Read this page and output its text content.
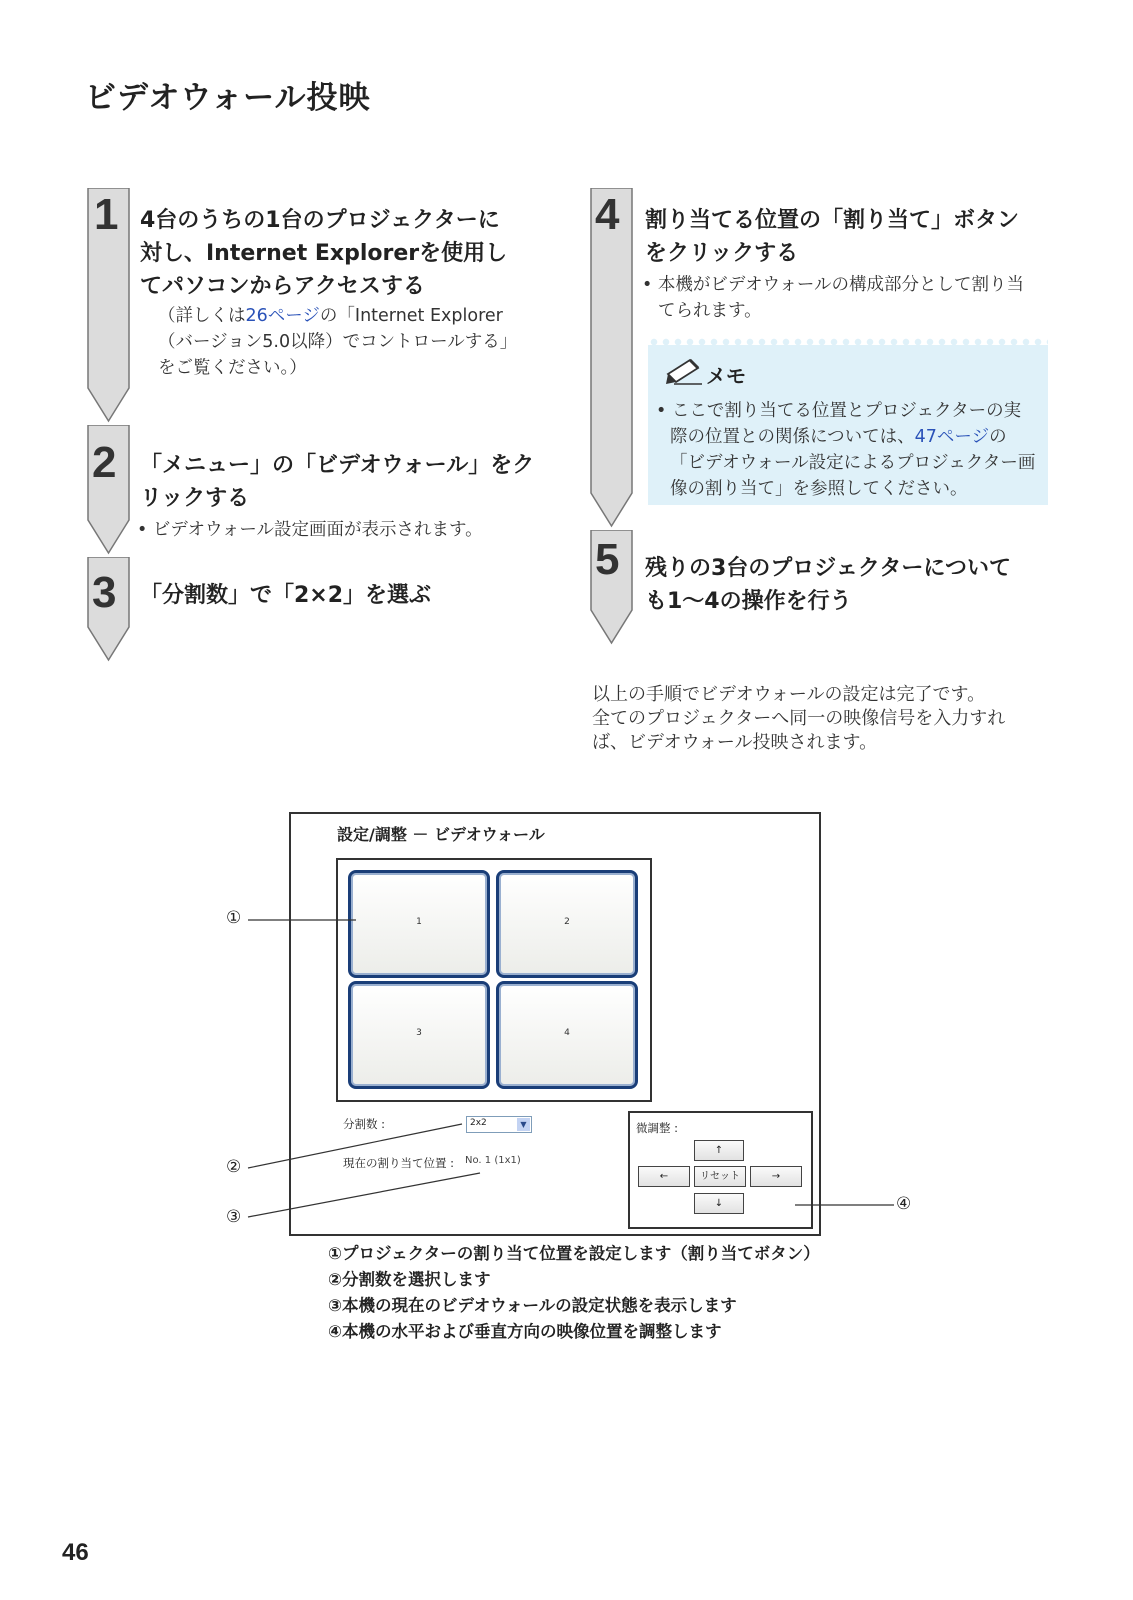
ビデオウォール投映
1
2
3
4
5
4台のうちの1台のプロジェクターに
対し、Internet Explorerを使用し
てパソコンからアクセスする
（詳しくは26ページの「Internet Explorer
（バージョン5.0以降）でコントロールする」
をご覧ください。）
「メニュー」の「ビデオウォール」をク
リックする
• ビデオウォール設定画面が表示されます。
「分割数」で「2×2」を選ぶ
割り当てる位置の「割り当て」ボタン
をクリックする
• 本機がビデオウォールの構成部分として割り当
てられます。
メモ
• ここで割り当てる位置とプロジェクターの実
際の位置との関係については、47ページの
「ビデオウォール設定によるプロジェクター画
像の割り当て」を参照してください。
残りの3台のプロジェクターについて
も1〜4の操作を行う
以上の手順でビデオウォールの設定は完了です。
全てのプロジェクターへ同一の映像信号を入力すれ
ば、ビデオウォール投映されます。
設定/調整 － ビデオウォール
1	2
3	4
分割数 :	2x2	▼
現在の割り当て位置 : No. 1 (1x1)
微調整 :
↑
←	リセット	→
↓
①
②
③
④
①プロジェクターの割り当て位置を設定します（割り当てボタン）
②分割数を選択します
③本機の現在のビデオウォールの設定状態を表示します
④本機の水平および垂直方向の映像位置を調整します
46
